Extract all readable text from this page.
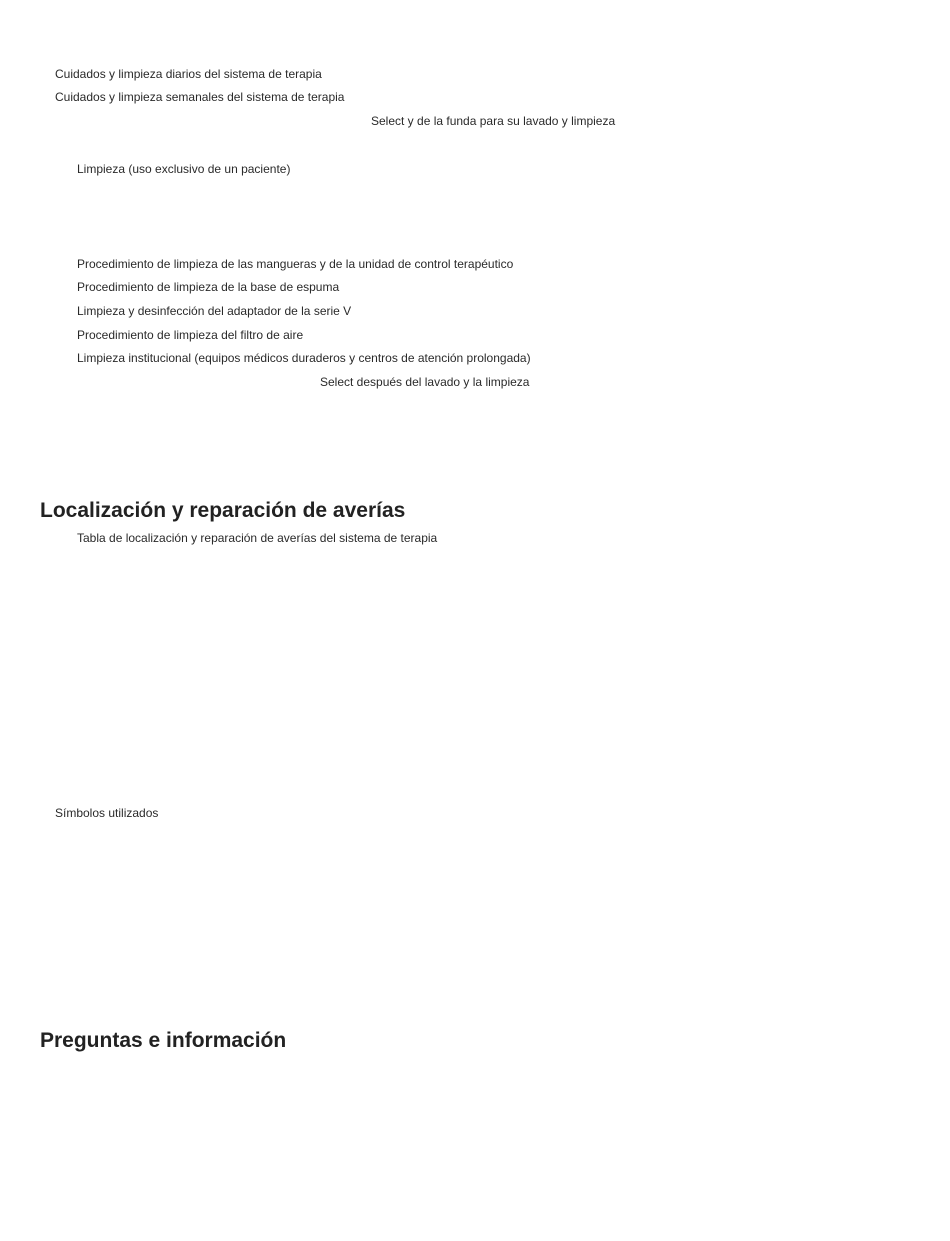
Cuidados y limpieza diarios del sistema de terapia
Cuidados y limpieza semanales del sistema de terapia
Select y de la funda para su lavado y limpieza
Limpieza (uso exclusivo de un paciente)
Procedimiento de limpieza de las mangueras y de la unidad de control terapéutico
Procedimiento de limpieza de la base de espuma
Limpieza y desinfección del adaptador de la serie V
Procedimiento de limpieza del filtro de aire
Limpieza institucional (equipos médicos duraderos y centros de atención prolongada)
Select después del lavado y la limpieza
Localización y reparación de averías
Tabla de localización y reparación de averías del sistema de terapia
Símbolos utilizados
Preguntas e información
